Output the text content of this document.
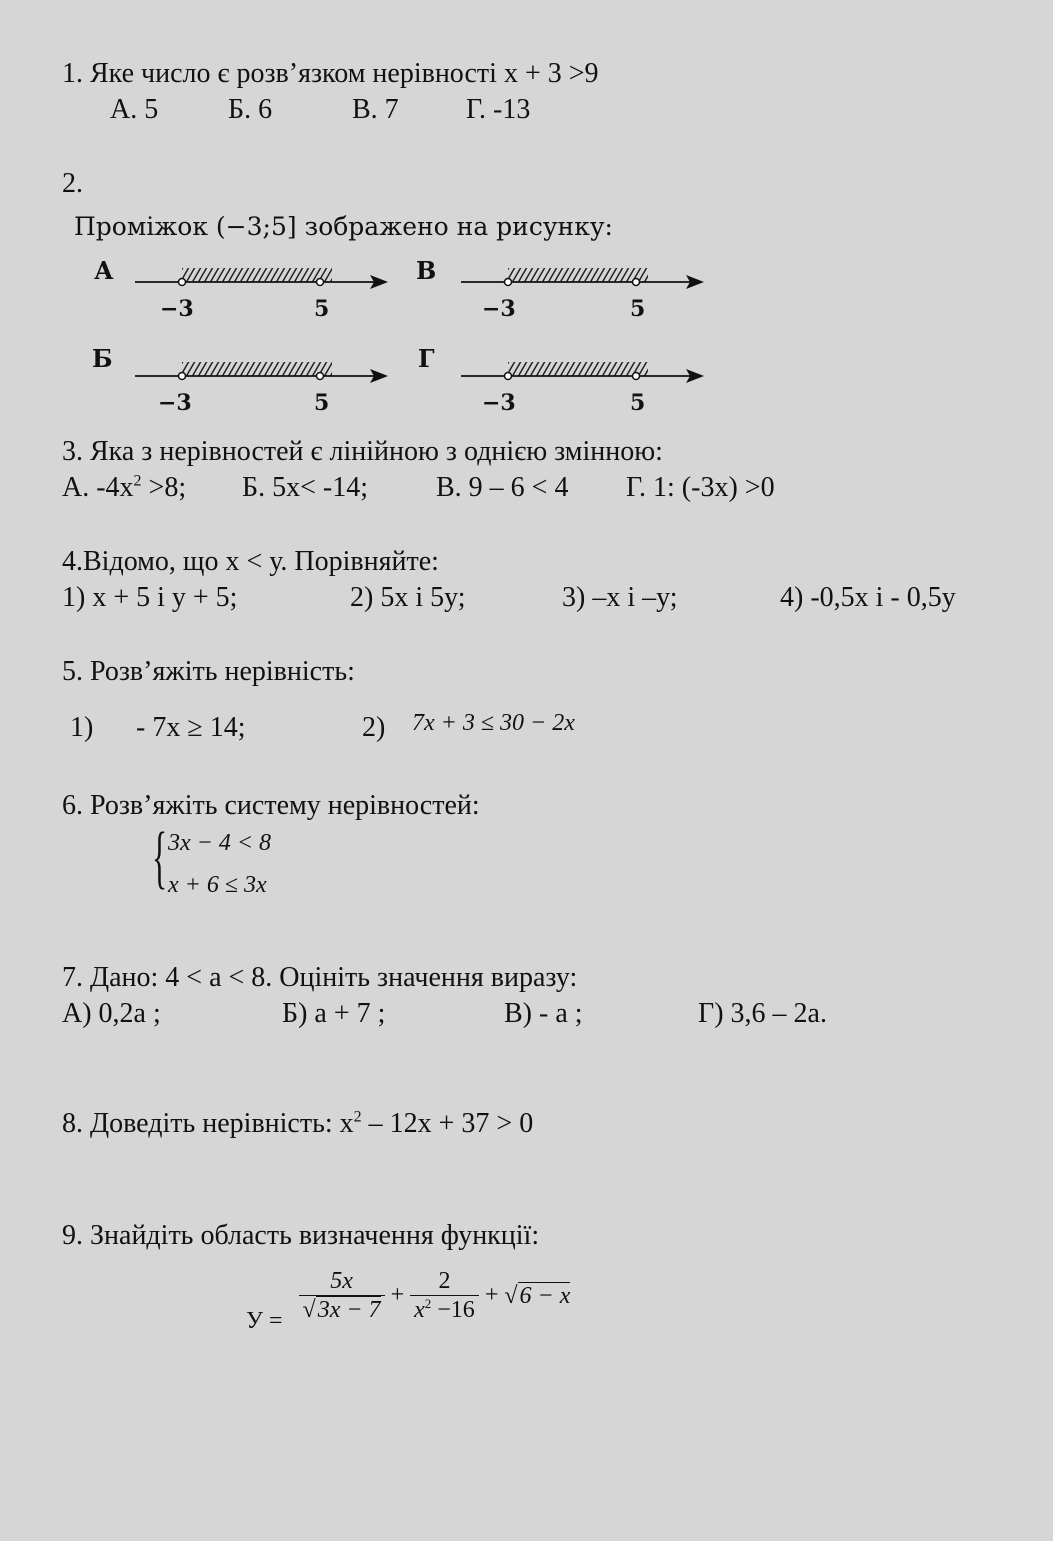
1. Яке число є розв’язком нерівності х + 3 >9
А. 5 Б. 6	В. 7 Г. -13
2.
Проміжок (−3;5] зображено на рисунку:
А
−3	5
В
−3	5
Б
−3	5
Г
−3	5
3. Яка з нерівностей є лінійною з однією змінною:
А. $-4х^2 >8$; Б. 5х< -14; В. 9 – 6 < 4 Г. 1: (-3х) >0
4.Відомо, що х < у. Порівняйте:
1) х + 5 і у + 5;	2) 5х і 5у;	3) –х і –у;	4) -0,5х і - 0,5у
5. Розв’яжіть нерівність:
1) - 7x ≥ 14;	2) 7x + 3 ≤ 30 − 2x
6. Розв’яжіть систему нерівностей:
{ 3x − 4 < 8
x + 6 ≤ 3x
7. Дано: 4 < a < 8. Оцініть значення виразу:
А) 0,2a ;	Б) a + 7 ;	В) - a ;	Г) 3,6 – 2a.
8. Доведіть нерівність: $х^2 - 12х + 37 > 0$
9. Знайдіть область визначення функції:
$У = \frac{5x}{√3x - 7} + \frac{2}{x^2 -16} + √6 - x$
